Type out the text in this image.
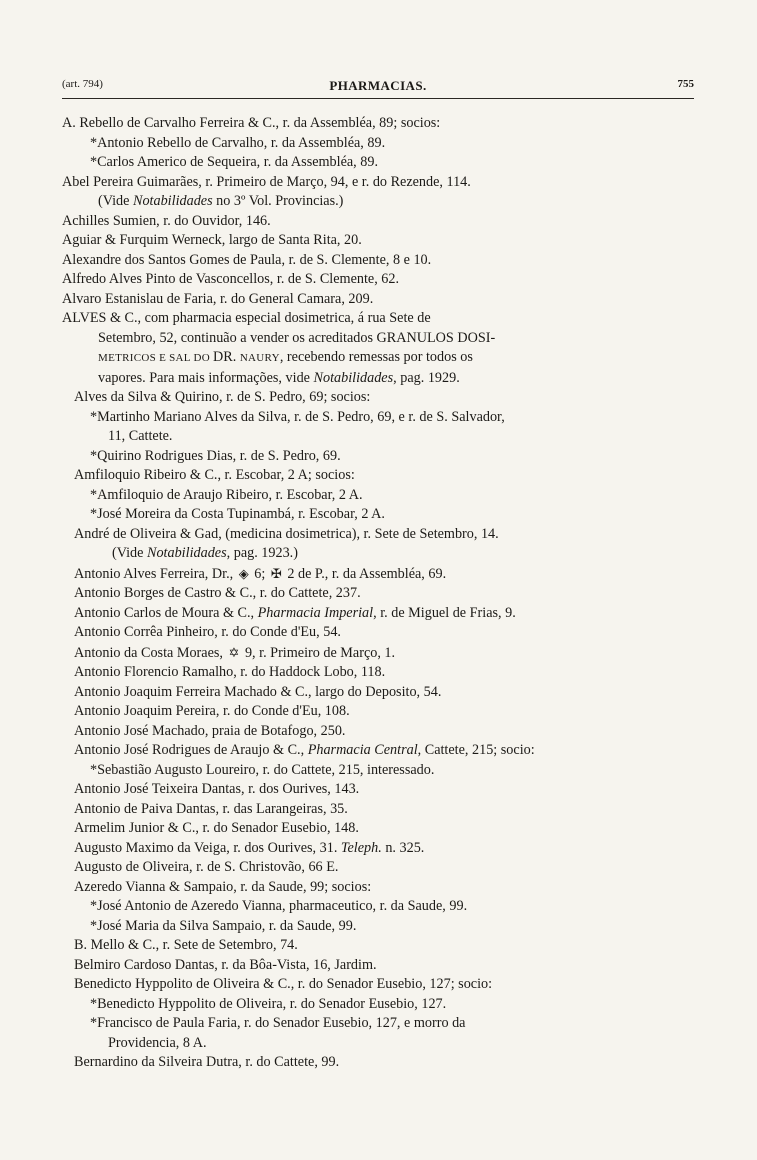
(art. 794)	PHARMACIAS.	755

A. Rebello de Carvalho Ferreira & C., r. da Assembléa, 89; socios:

*Antonio Rebello de Carvalho, r. da Assembléa, 89.

*Carlos Americo de Sequeira, r. da Assembléa, 89.

Abel Pereira Guimarães, r. Primeiro de Março, 94, e r. do Rezende, 114.

(Vide Notabilidades no 3º Vol. Provincias.)

Achilles Sumien, r. do Ouvidor, 146.

Aguiar & Furquim Werneck, largo de Santa Rita, 20.

Alexandre dos Santos Gomes de Paula, r. de S. Clemente, 8 e 10.

Alfredo Alves Pinto de Vasconcellos, r. de S. Clemente, 62.

Alvaro Estanislau de Faria, r. do General Camara, 209.

ALVES & C., com pharmacia especial dosimetrica, á rua Sete de

Setembro, 52, continuão a vender os acreditados GRANULOS DOSI-

METRICOS E SAL DO DR. NAURY, recebendo remessas por todos os

vapores. Para mais informações, vide Notabilidades, pag. 1929.

Alves da Silva & Quirino, r. de S. Pedro, 69; socios:

*Martinho Mariano Alves da Silva, r. de S. Pedro, 69, e r. de S. Salvador,

11, Cattete.

*Quirino Rodrigues Dias, r. de S. Pedro, 69.

Amfiloquio Ribeiro & C., r. Escobar, 2 A; socios:

*Amfiloquio de Araujo Ribeiro, r. Escobar, 2 A.

*José Moreira da Costa Tupinambá, r. Escobar, 2 A.

André de Oliveira & Gad, (medicina dosimetrica), r. Sete de Setembro, 14.

(Vide Notabilidades, pag. 1923.)

Antonio Alves Ferreira, Dr., ◈ 6; ✠ 2 de P., r. da Assembléa, 69.

Antonio Borges de Castro & C., r. do Cattete, 237.

Antonio Carlos de Moura & C., Pharmacia Imperial, r. de Miguel de Frias, 9.

Antonio Corrêa Pinheiro, r. do Conde d'Eu, 54.

Antonio da Costa Moraes, ✡ 9, r. Primeiro de Março, 1.

Antonio Florencio Ramalho, r. do Haddock Lobo, 118.

Antonio Joaquim Ferreira Machado & C., largo do Deposito, 54.

Antonio Joaquim Pereira, r. do Conde d'Eu, 108.

Antonio José Machado, praia de Botafogo, 250.

Antonio José Rodrigues de Araujo & C., Pharmacia Central, Cattete, 215; socio:

*Sebastião Augusto Loureiro, r. do Cattete, 215, interessado.

Antonio José Teixeira Dantas, r. dos Ourives, 143.

Antonio de Paiva Dantas, r. das Larangeiras, 35.

Armelim Junior & C., r. do Senador Eusebio, 148.

Augusto Maximo da Veiga, r. dos Ourives, 31. Teleph. n. 325.

Augusto de Oliveira, r. de S. Christovão, 66 E.

Azeredo Vianna & Sampaio, r. da Saude, 99; socios:

*José Antonio de Azeredo Vianna, pharmaceutico, r. da Saude, 99.

*José Maria da Silva Sampaio, r. da Saude, 99.

B. Mello & C., r. Sete de Setembro, 74.

Belmiro Cardoso Dantas, r. da Bôa-Vista, 16, Jardim.

Benedicto Hyppolito de Oliveira & C., r. do Senador Eusebio, 127; socio:

*Benedicto Hyppolito de Oliveira, r. do Senador Eusebio, 127.

*Francisco de Paula Faria, r. do Senador Eusebio, 127, e morro da

Providencia, 8 A.

Bernardino da Silveira Dutra, r. do Cattete, 99.
